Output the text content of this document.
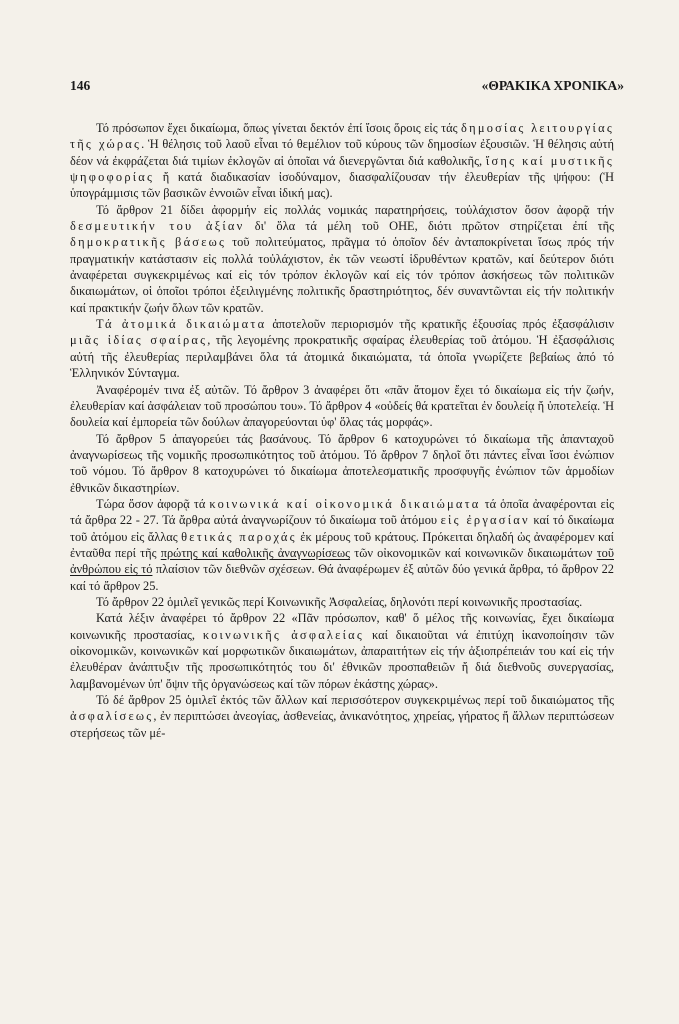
146	«ΘΡΑΚΙΚΑ ΧΡΟΝΙΚΑ»

Τό πρόσωπον ἔχει δικαίωμα, ὅπως γίνεται δεκτόν ἐπί ἴσοις ὅροις εἰς τάς δημοσίας λειτουργίας τῆς χώρας. Ἡ θέλησις τοῦ λαοῦ εἶναι τό θεμέλιον τοῦ κύρους τῶν δημοσίων ἐξουσιῶν. Ἡ θέλησις αὐτή δέον νά ἐκφράζεται διά τιμίων ἐκλογῶν αἱ ὁποῖαι νά διενεργῶνται διά καθολικῆς, ἴσης καί μυστικῆς ψηφοφορίας ἤ κατά διαδικασίαν ἰσοδύναμον, διασφαλίζουσαν τήν ἐλευθερίαν τῆς ψήφου: (Ἡ ὑπογράμμισις τῶν βασικῶν ἐννοιῶν εἶναι ἰδική μας).

Τό ἄρθρον 21 δίδει ἀφορμήν εἰς πολλάς νομικάς παρατηρήσεις, τοὐλάχιστον ὅσον ἀφορᾷ τήν δεσμευτικήν του ἀξίαν δι' ὅλα τά μέλη τοῦ ΟΗΕ, διότι πρῶτον στηρίζεται ἐπί τῆς δημοκρατικῆς βάσεως τοῦ πολιτεύματος, πρᾶγμα τό ὁποῖον δέν ἀνταποκρίνεται ἴσως πρός τήν πραγματικήν κατάστασιν εἰς πολλά τοὐλάχιστον, ἐκ τῶν νεωστί ἱδρυθέντων κρατῶν, καί δεύτερον διότι ἀναφέρεται συγκεκριμένως καί εἰς τόν τρόπον ἐκλογῶν καί εἰς τόν τρόπον ἀσκήσεως τῶν πολιτικῶν δικαιωμάτων, οἱ ὁποῖοι τρόποι ἐξειλιγμένης πολιτικῆς δραστηριότητος, δέν συναντῶνται εἰς τήν πολιτικήν καί πρακτικήν ζωήν ὅλων τῶν κρατῶν.

Τά ἀτομικά δικαιώματα ἀποτελοῦν περιορισμόν τῆς κρατικῆς ἐξουσίας πρός ἐξασφάλισιν μιᾶς ἰδίας σφαίρας, τῆς λεγομένης προκρατικῆς σφαίρας ἐλευθερίας τοῦ ἀτόμου. Ἡ ἐξασφάλισις αὐτή τῆς ἐλευθερίας περιλαμβάνει ὅλα τά ἀτομικά δικαιώματα, τά ὁποῖα γνωρίζετε βεβαίως ἀπό τό Ἑλληνικόν Σύνταγμα.

Ἀναφέρομέν τινα ἐξ αὐτῶν. Τό ἄρθρον 3 ἀναφέρει ὅτι «πᾶν ἄτομον ἔχει τό δικαίωμα εἰς τήν ζωήν, ἐλευθερίαν καί ἀσφάλειαν τοῦ προσώπου του». Τό ἄρθρον 4 «οὐδείς θά κρατεῖται ἐν δουλείᾳ ἤ ὑποτελείᾳ. Ἡ δουλεία καί ἐμπορεία τῶν δούλων ἀπαγορεύονται ὑφ' ὅλας τάς μορφάς».

Τό ἄρθρον 5 ἀπαγορεύει τάς βασάνους. Τό ἄρθρον 6 κατοχυρώνει τό δικαίωμα τῆς ἁπανταχοῦ ἀναγνωρίσεως τῆς νομικῆς προσωπικότητος τοῦ ἀτόμου. Τό ἄρθρον 7 δηλοῖ ὅτι πάντες εἶναι ἴσοι ἐνώπιον τοῦ νόμου. Τό ἄρθρον 8 κατοχυρώνει τό δικαίωμα ἀποτελεσματικῆς προσφυγῆς ἐνώπιον τῶν ἁρμοδίων ἐθνικῶν δικαστηρίων.

Τώρα ὅσον ἀφορᾷ τά κοινωνικά καί οἰκονομικά δικαιώματα τά ὁποῖα ἀναφέρονται εἰς τά ἄρθρα 22 - 27. Τά ἄρθρα αὐτά ἀναγνωρίζουν τό δικαίωμα τοῦ ἀτόμου εἰς ἐργασίαν καί τό δικαίωμα τοῦ ἀτόμου εἰς ἄλλας θετικάς παροχάς ἐκ μέρους τοῦ κράτους. Πρόκειται δηλαδή ὡς ἀναφέρομεν καί ἐνταῦθα περί τῆς πρώτης καί καθολικῆς ἀναγνωρίσεως τῶν οἰκονομικῶν καί κοινωνικῶν δικαιωμάτων τοῦ ἀνθρώπου εἰς τό πλαίσιον τῶν διεθνῶν σχέσεων. Θά ἀναφέρωμεν ἐξ αὐτῶν δύο γενικά ἄρθρα, τό ἄρθρον 22 καί τό ἄρθρον 25.

Τό ἄρθρον 22 ὁμιλεῖ γενικῶς περί Κοινωνικῆς Ἀσφαλείας, δηλονότι περί κοινωνικῆς προστασίας.

Κατά λέξιν ἀναφέρει τό ἄρθρον 22 «Πᾶν πρόσωπον, καθ' ὅ μέλος τῆς κοινωνίας, ἔχει δικαίωμα κοινωνικῆς προστασίας, κοινωνικῆς ἀσφαλείας καί δικαιοῦται νά ἐπιτύχη ἱκανοποίησιν τῶν οἰκονομικῶν, κοινωνικῶν καί μορφωτικῶν δικαιωμάτων, ἀπαραιτήτων εἰς τήν ἀξιοπρέπειάν του καί εἰς τήν ἐλευθέραν ἀνάπτυξιν τῆς προσωπικότητός του δι' ἐθνικῶν προσπαθειῶν ἤ διά διεθνοῦς συνεργασίας, λαμβανομένων ὑπ' ὄψιν τῆς ὀργανώσεως καί τῶν πόρων ἑκάστης χώρας».

Τό δέ ἄρθρον 25 ὁμιλεῖ ἐκτός τῶν ἄλλων καί περισσότερον συγκεκριμένως περί τοῦ δικαιώματος τῆς ἀσφαλίσεως, ἐν περιπτώσει ἀνεογίας, ἀσθενείας, ἀνικανότητος, χηρείας, γήρατος ἤ ἄλλων περιπτώσεων στερήσεως τῶν μέ-
